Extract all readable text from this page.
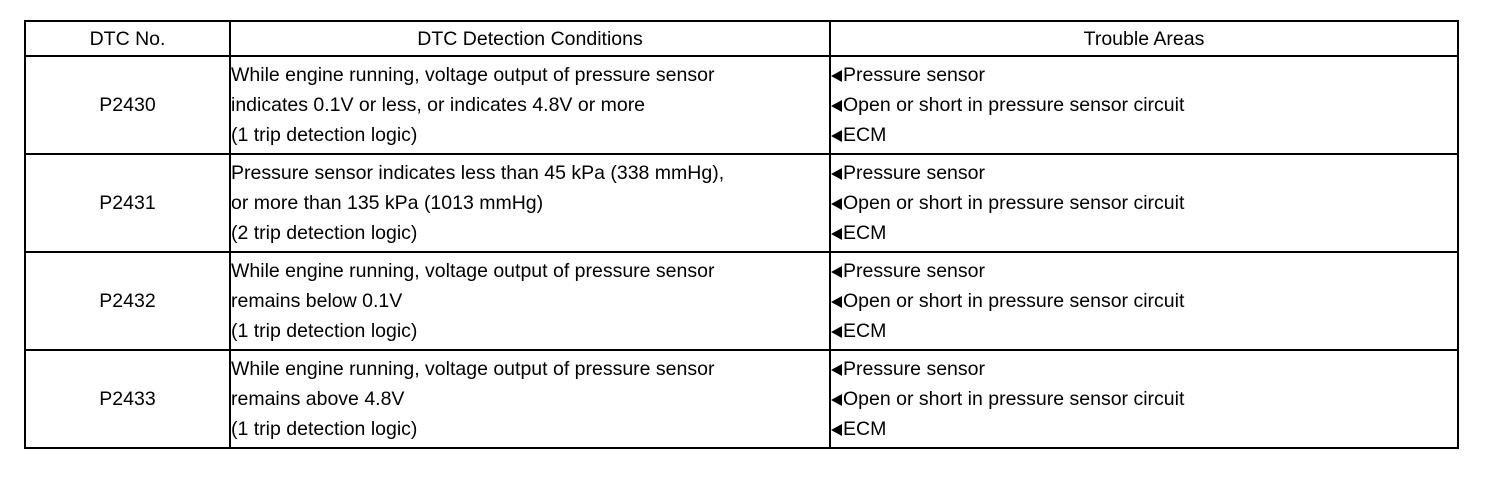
DTC No.	DTC Detection Conditions	Trouble Areas
P2430	While engine running, voltage output of pressure sensor
indicates 0.1V or less, or indicates 4.8V or more
(1 trip detection logic)	Pressure sensor
Open or short in pressure sensor circuit
ECM

P2431	Pressure sensor indicates less than 45 kPa (338 mmHg),
or more than 135 kPa (1013 mmHg)
(2 trip detection logic)	Pressure sensor
Open or short in pressure sensor circuit
ECM

P2432	While engine running, voltage output of pressure sensor
remains below 0.1V
(1 trip detection logic)	Pressure sensor
Open or short in pressure sensor circuit
ECM

P2433	While engine running, voltage output of pressure sensor
remains above 4.8V
(1 trip detection logic)	Pressure sensor
Open or short in pressure sensor circuit
ECM
